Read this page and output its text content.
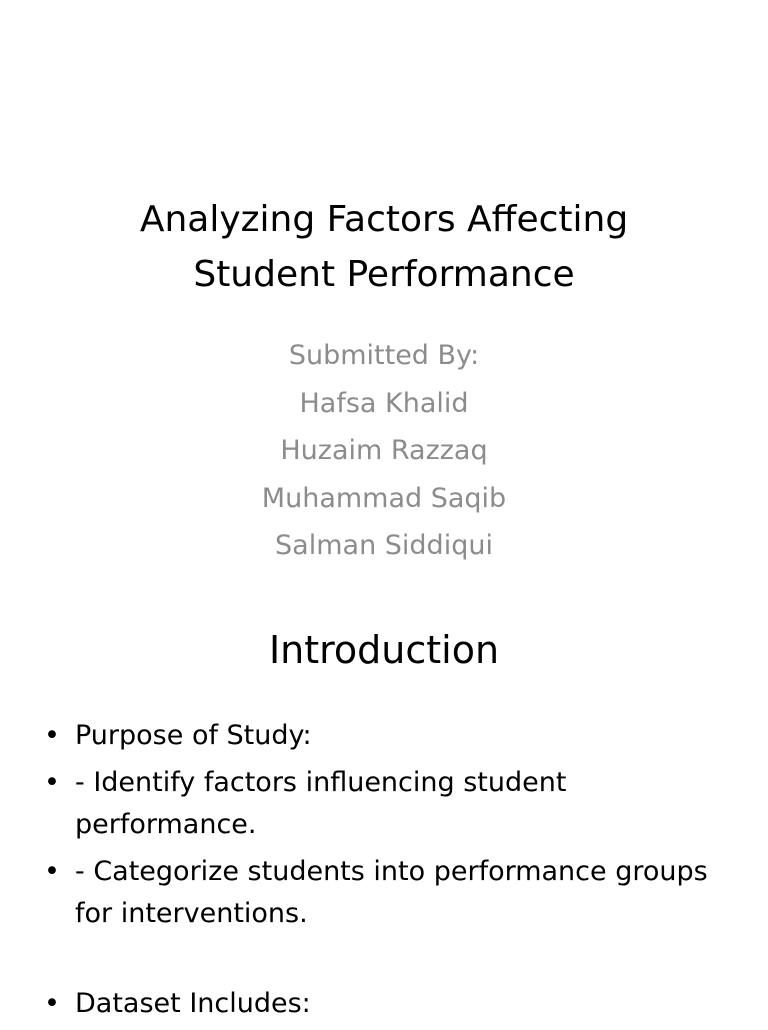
Analyzing Factors Affecting
Student Performance
Submitted By:
Hafsa Khalid
Huzaim Razzaq
Muhammad Saqib
Salman Siddiqui
Introduction
• Purpose of Study:
• - Identify factors influencing student performance.
• - Categorize students into performance groups for interventions.
• Dataset Includes:
